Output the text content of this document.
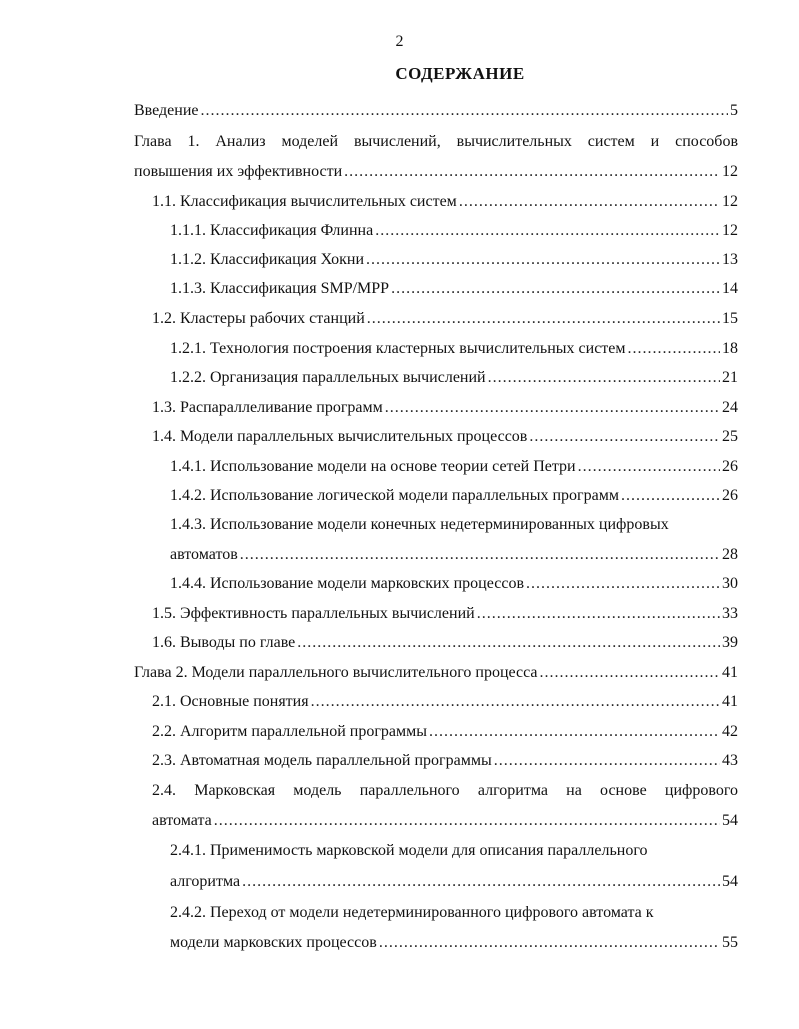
2
СОДЕРЖАНИЕ
Введение .....	5
Глава 1. Анализ моделей вычислений, вычислительных систем и способов
повышения их эффективности .....	12
1.1. Классификация вычислительных систем .....	12
1.1.1. Классификация Флинна .....	12
1.1.2. Классификация Хокни .....	13
1.1.3. Классификация SMP/MPP .....	14
1.2. Кластеры рабочих станций .....	15
1.2.1. Технология построения кластерных вычислительных систем .....	18
1.2.2. Организация параллельных вычислений .....	21
1.3. Распараллеливание программ .....	24
1.4. Модели параллельных вычислительных процессов .....	25
1.4.1. Использование модели на основе теории сетей Петри .....	26
1.4.2. Использование логической модели параллельных программ .....	26
1.4.3. Использование модели конечных недетерминированных цифровых
автоматов .....	28
1.4.4. Использование модели марковских процессов .....	30
1.5. Эффективность параллельных вычислений .....	33
1.6. Выводы по главе .....	39
Глава 2. Модели параллельного вычислительного процесса .....	41
2.1. Основные понятия .....	41
2.2. Алгоритм параллельной программы .....	42
2.3. Автоматная модель параллельной программы .....	43
2.4. Марковская модель параллельного алгоритма на основе цифрового
автомата .....	54
2.4.1. Применимость марковской модели для описания параллельного
алгоритма .....	54
2.4.2. Переход от модели недетерминированного цифрового автомата к
модели марковских процессов .....	55
